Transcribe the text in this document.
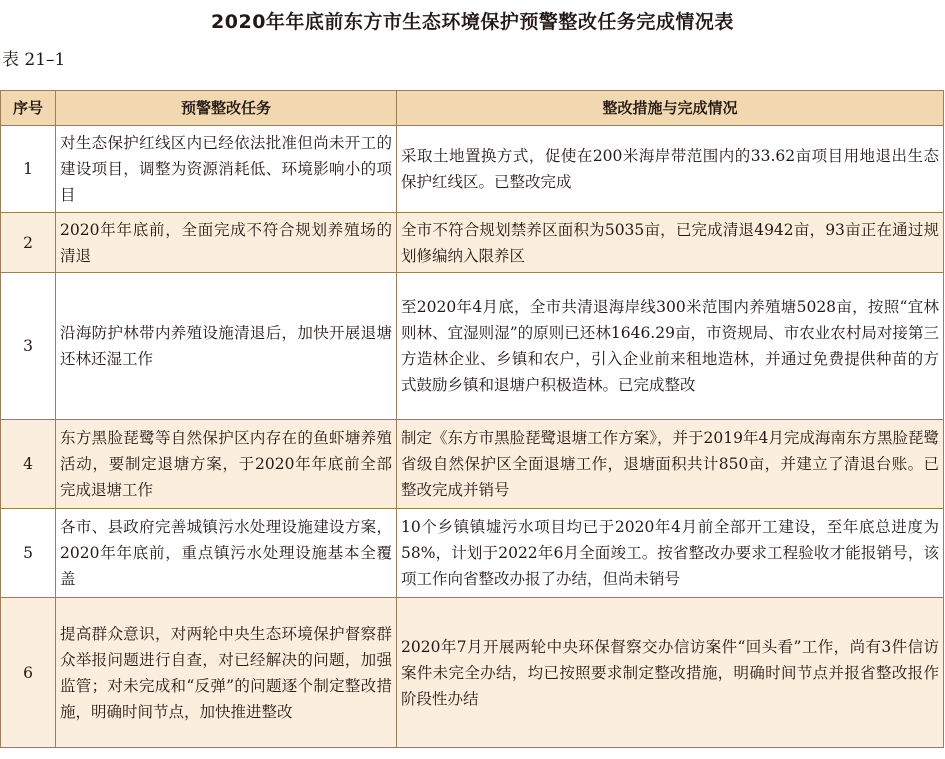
2020年年底前东方市生态环境保护预警整改任务完成情况表
表 21–1
序号	预警整改任务	整改措施与完成情况
1	对生态保护红线区内已经依法批准但尚未开工的建设项目，调整为资源消耗低、环境影响小的项目	采取土地置换方式，促使在200米海岸带范围内的33.62亩项目用地退出生态保护红线区。已整改完成
2	2020年年底前，全面完成不符合规划养殖场的清退	全市不符合规划禁养区面积为5035亩，已完成清退4942亩，93亩正在通过规划修编纳入限养区
3	沿海防护林带内养殖设施清退后，加快开展退塘还林还湿工作	至2020年4月底，全市共清退海岸线300米范围内养殖塘5028亩，按照“宜林则林、宜湿则湿”的原则已还林1646.29亩，市资规局、市农业农村局对接第三方造林企业、乡镇和农户，引入企业前来租地造林，并通过免费提供种苗的方式鼓励乡镇和退塘户积极造林。已完成整改
4	东方黑脸琵鹭等自然保护区内存在的鱼虾塘养殖活动，要制定退塘方案，于2020年年底前全部完成退塘工作	制定《东方市黑脸琵鹭退塘工作方案》，并于2019年4月完成海南东方黑脸琵鹭省级自然保护区全面退塘工作，退塘面积共计850亩，并建立了清退台账。已整改完成并销号
5	各市、县政府完善城镇污水处理设施建设方案，2020年年底前，重点镇污水处理设施基本全覆盖	10个乡镇镇墟污水项目均已于2020年4月前全部开工建设，至年底总进度为58%，计划于2022年6月全面竣工。按省整改办要求工程验收才能报销号，该项工作向省整改办报了办结，但尚未销号
6	提高群众意识，对两轮中央生态环境保护督察群众举报问题进行自查，对已经解决的问题，加强监管；对未完成和“反弹”的问题逐个制定整改措施，明确时间节点，加快推进整改	2020年7月开展两轮中央环保督察交办信访案件“回头看”工作，尚有3件信访案件未完全办结，均已按照要求制定整改措施，明确时间节点并报省整改报作阶段性办结
